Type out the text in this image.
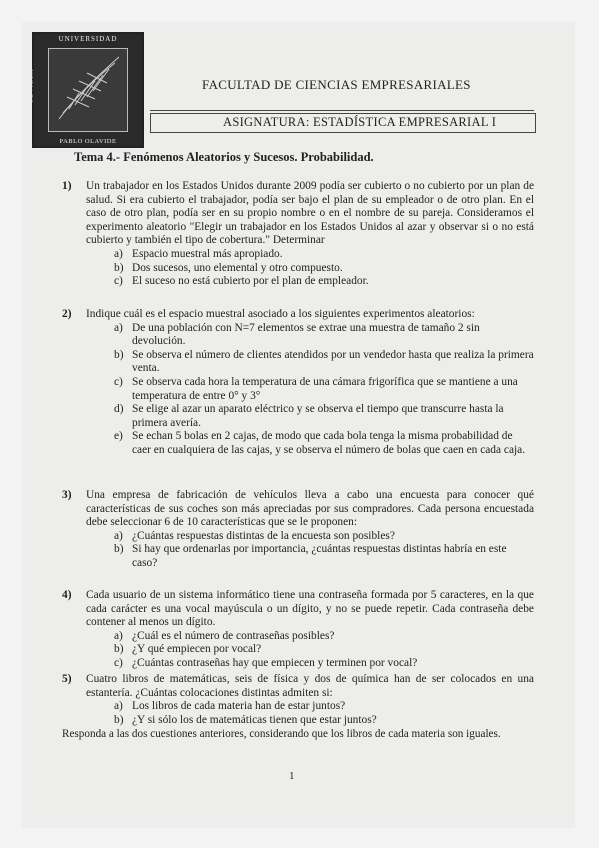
UNIVERSIDAD
SEVILLA	AÑO 1997
PABLO OLAVIDE
FACULTAD DE CIENCIAS EMPRESARIALES
ASIGNATURA: ESTADÍSTICA EMPRESARIAL I
Tema 4.- Fenómenos Aleatorios y Sucesos. Probabilidad.
1) Un trabajador en los Estados Unidos durante 2009 podía ser cubierto o no cubierto por un plan de salud. Si era cubierto el trabajador, podía ser bajo el plan de su empleador o de otro plan. En el caso de otro plan, podía ser en su propio nombre o en el nombre de su pareja. Consideramos el experimento aleatorio "Elegir un trabajador en los Estados Unidos al azar y observar si o no está cubierto y también el tipo de cobertura." Determinar
a) Espacio muestral más apropiado.
b) Dos sucesos, uno elemental y otro compuesto.
c) El suceso no está cubierto por el plan de empleador.
2) Indique cuál es el espacio muestral asociado a los siguientes experimentos aleatorios:
a) De una población con N=7 elementos se extrae una muestra de tamaño 2 sin devolución.
b) Se observa el número de clientes atendidos por un vendedor hasta que realiza la primera venta.
c) Se observa cada hora la temperatura de una cámara frigorífica que se mantiene a una temperatura de entre 0° y 3°
d) Se elige al azar un aparato eléctrico y se observa el tiempo que transcurre hasta la primera avería.
e) Se echan 5 bolas en 2 cajas, de modo que cada bola tenga la misma probabilidad de caer en cualquiera de las cajas, y se observa el número de bolas que caen en cada caja.
3) Una empresa de fabricación de vehículos lleva a cabo una encuesta para conocer qué características de sus coches son más apreciadas por sus compradores. Cada persona encuestada debe seleccionar 6 de 10 características que se le proponen:
a) ¿Cuántas respuestas distintas de la encuesta son posibles?
b) Si hay que ordenarlas por importancia, ¿cuántas respuestas distintas habría en este caso?
4) Cada usuario de un sistema informático tiene una contraseña formada por 5 caracteres, en la que cada carácter es una vocal mayúscula o un dígito, y no se puede repetir. Cada contraseña debe contener al menos un dígito.
a) ¿Cuál es el número de contraseñas posibles?
b) ¿Y qué empiecen por vocal?
c) ¿Cuántas contraseñas hay que empiecen y terminen por vocal?
5) Cuatro libros de matemáticas, seis de física y dos de química han de ser colocados en una estantería. ¿Cuántas colocaciones distintas admiten si:
a) Los libros de cada materia han de estar juntos?
b) ¿Y si sólo los de matemáticas tienen que estar juntos?
Responda a las dos cuestiones anteriores, considerando que los libros de cada materia son iguales.
1
